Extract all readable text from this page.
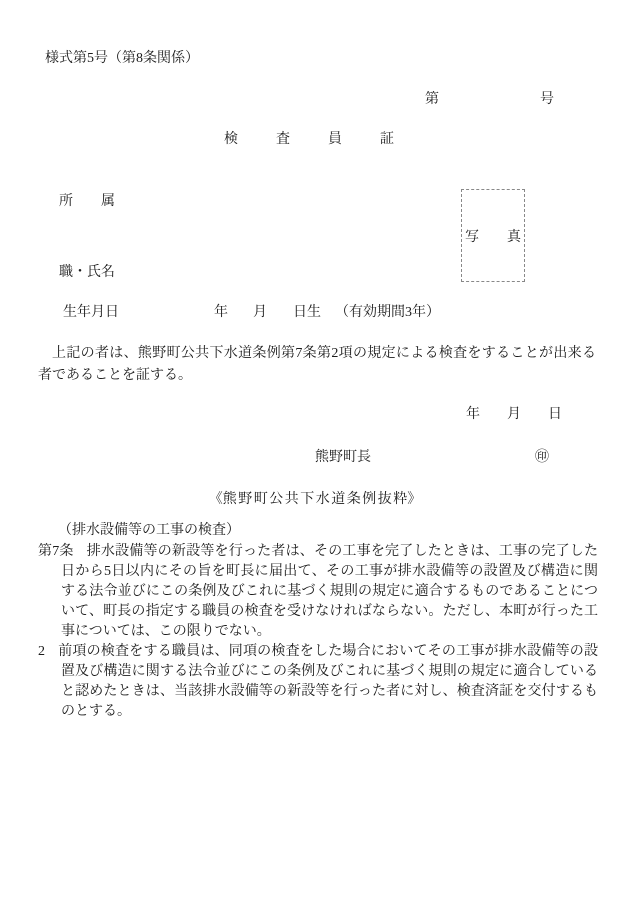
様式第5号（第8条関係）
第	号
検　査　員　証
所　　属
写　　真
職・氏名
生年月日	年 月 日生 （有効期間3年）
上記の者は、熊野町公共下水道条例第7条第2項の規定による検査をすることが出来る者であることを証する。
年 月 日
熊野町長	㊞
《熊 野 町 公 共 下 水 道 条 例 抜 粋》
（排水設備等の工事の検査）

第7条 排水設備等の新設等を行った者は、その工事を完了したときは、工事の完了した日から5日以内にその旨を町長に届出て、その工事が排水設備等の設置及び構造に関する法令並びにこの条例及びこれに基づく規則の規定に適合するものであることについて、町長の指定する職員の検査を受けなければならない。ただし、本町が行った工事については、この限りでない。

2 前項の検査をする職員は、同項の検査をした場合においてその工事が排水設備等の設置及び構造に関する法令並びにこの条例及びこれに基づく規則の規定に適合していると認めたときは、当該排水設備等の新設等を行った者に対し、検査済証を交付するものとする。
